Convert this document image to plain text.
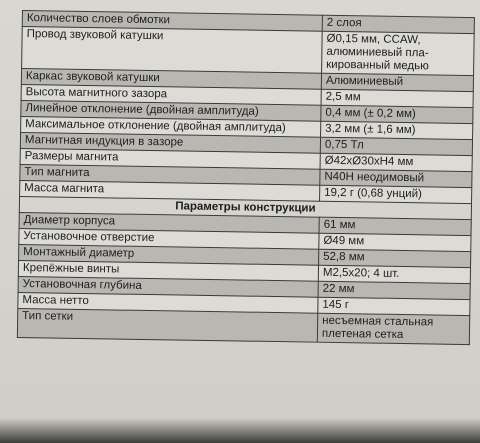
Количество слоев обмотки	2 слоя
Провод звуковой катушки	Ø0,15 мм, CCAW,
алюминиевый пла-
кированный медью
Каркас звуковой катушки	Алюминиевый
Высота магнитного зазора	2,5 мм
Линейное отклонение (двойная амплитуда)	0,4 мм (± 0,2 мм)
Максимальное отклонение (двойная амплитуда)	3,2 мм (± 1,6 мм)
Магнитная индукция в зазоре	0,75 Тл
Размеры магнита	Ø42хØ30хН4 мм
Тип магнита	N40H неодимовый
Масса магнита	19,2 г (0,68 унций)
Параметры конструкции	
Диаметр корпуса	61 мм
Установочное отверстие	Ø49 мм
Монтажный диаметр	52,8 мм
Крепёжные винты	M2,5x20; 4 шт.
Установочная глубина	22 мм
Масса нетто	145 г
Тип сетки	несъемная стальная
плетеная сетка
